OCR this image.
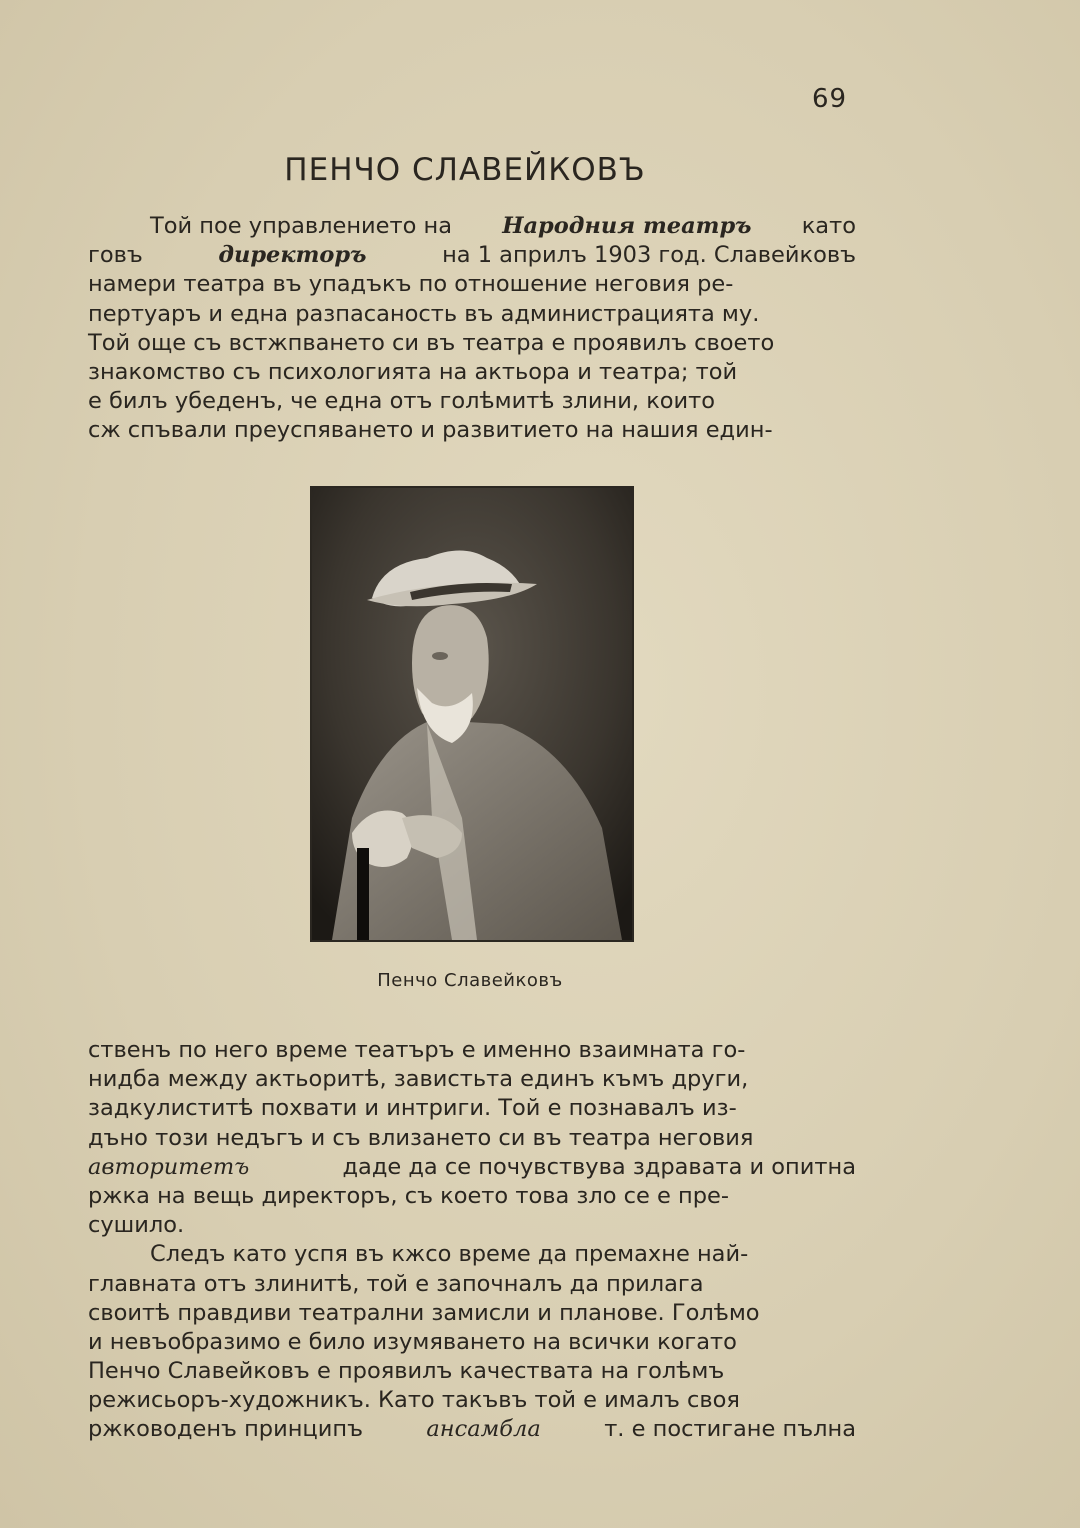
69
ПЕНЧО СЛАВЕЙКОВЪ
Той пое управлението на Народния театръ като
говъ	директоръ	на 1 априлъ 1903 год. Славейковъ
намери театра въ упадъкъ по отношение неговия ре-
пертуаръ и една разпасаность въ администрацията му.
Той още съ встжпването си въ театра е проявилъ своето
знакомство съ психологията на актьора и театра; той
е билъ убеденъ, че една отъ голѣмитѣ злини, които
сж спъвали преуспяването и развитието на нашия един-
Пенчо Славейковъ
ственъ по него време театъръ е именно взаимната го-
нидба между актьоритѣ, завистьта единъ къмъ други,
задкулиститѣ похвати и интриги. Той е познавалъ из-
дъно този недъгъ и съ влизането си въ театра неговия
авторитетъ	даде да се почувствува здравата и опитна
ржка на вещь директоръ, съ което това зло се е пре-
сушило.
Следъ като успя въ кжсо време да премахне най-
главната отъ злинитѣ, той е започналъ да прилага
своитѣ правдиви театрални замисли и планове. Голѣмо
и невъобразимо е било изумяването на всички когато
Пенчо Славейковъ е проявилъ качествата на голѣмъ
режисьоръ-художникъ. Като такъвъ той е ималъ своя
ржководенъ принципъ	ансамбла	т. е постигане пълна
